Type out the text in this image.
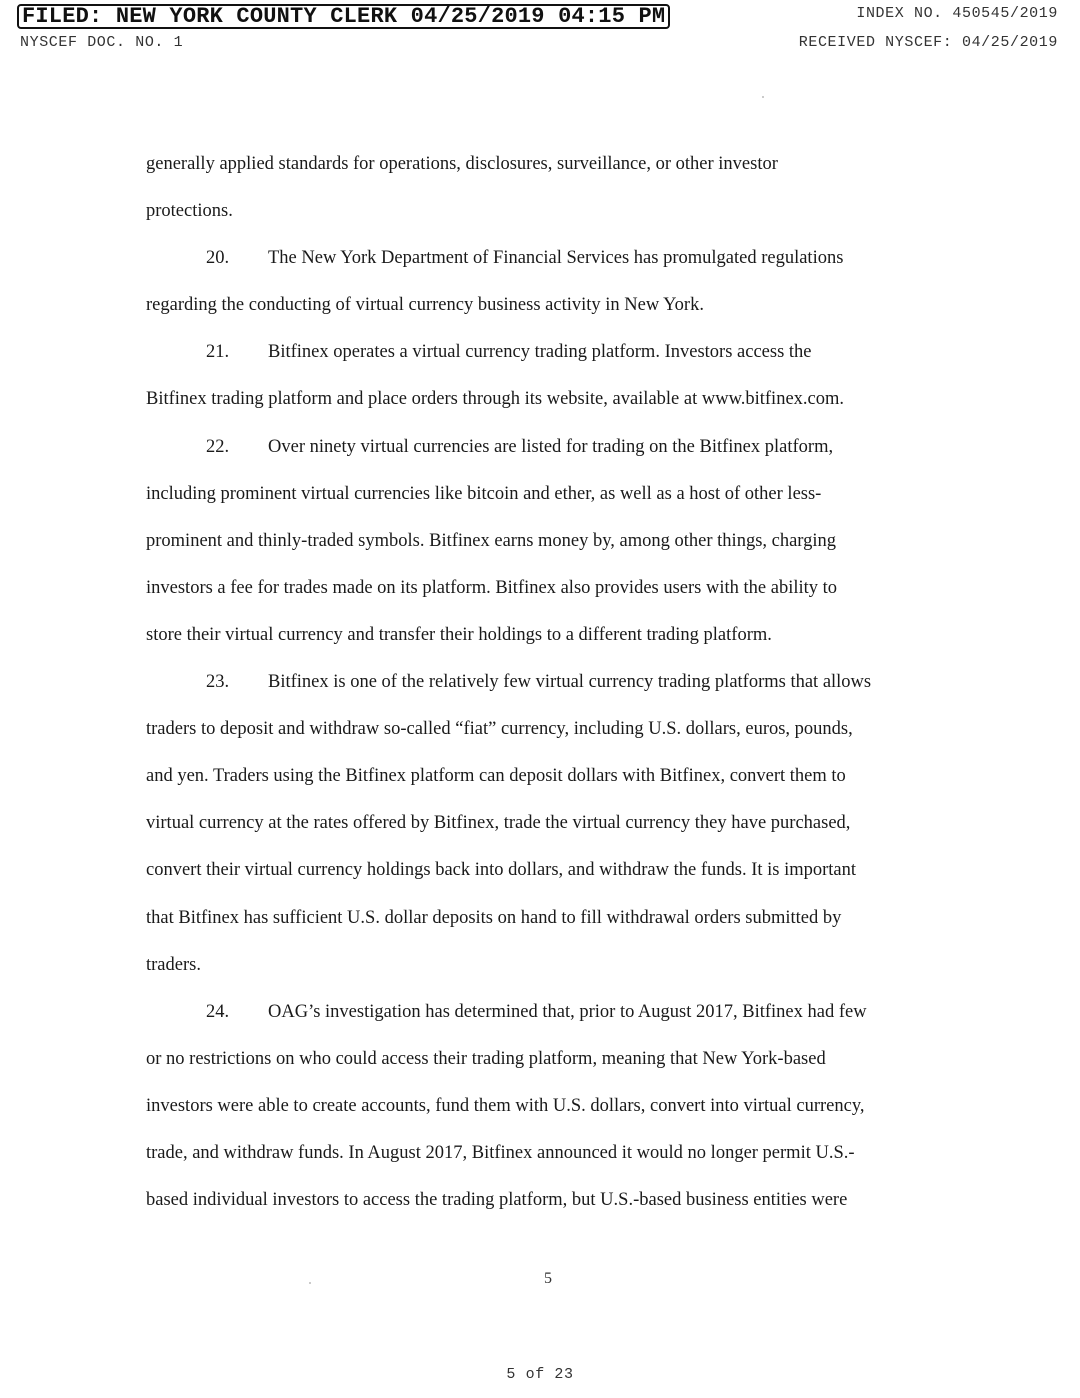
FILED: NEW YORK COUNTY CLERK 04/25/2019 04:15 PM
NYSCEF DOC. NO. 1
INDEX NO. 450545/2019
RECEIVED NYSCEF: 04/25/2019
generally applied standards for operations, disclosures, surveillance, or other investor
protections.
20. The New York Department of Financial Services has promulgated regulations
regarding the conducting of virtual currency business activity in New York.
21. Bitfinex operates a virtual currency trading platform. Investors access the
Bitfinex trading platform and place orders through its website, available at www.bitfinex.com.
22. Over ninety virtual currencies are listed for trading on the Bitfinex platform,
including prominent virtual currencies like bitcoin and ether, as well as a host of other less-
prominent and thinly-traded symbols. Bitfinex earns money by, among other things, charging
investors a fee for trades made on its platform. Bitfinex also provides users with the ability to
store their virtual currency and transfer their holdings to a different trading platform.
23. Bitfinex is one of the relatively few virtual currency trading platforms that allows
traders to deposit and withdraw so-called “fiat” currency, including U.S. dollars, euros, pounds,
and yen. Traders using the Bitfinex platform can deposit dollars with Bitfinex, convert them to
virtual currency at the rates offered by Bitfinex, trade the virtual currency they have purchased,
convert their virtual currency holdings back into dollars, and withdraw the funds. It is important
that Bitfinex has sufficient U.S. dollar deposits on hand to fill withdrawal orders submitted by
traders.
24. OAG’s investigation has determined that, prior to August 2017, Bitfinex had few
or no restrictions on who could access their trading platform, meaning that New York-based
investors were able to create accounts, fund them with U.S. dollars, convert into virtual currency,
trade, and withdraw funds. In August 2017, Bitfinex announced it would no longer permit U.S.-
based individual investors to access the trading platform, but U.S.-based business entities were
5
5 of 23
